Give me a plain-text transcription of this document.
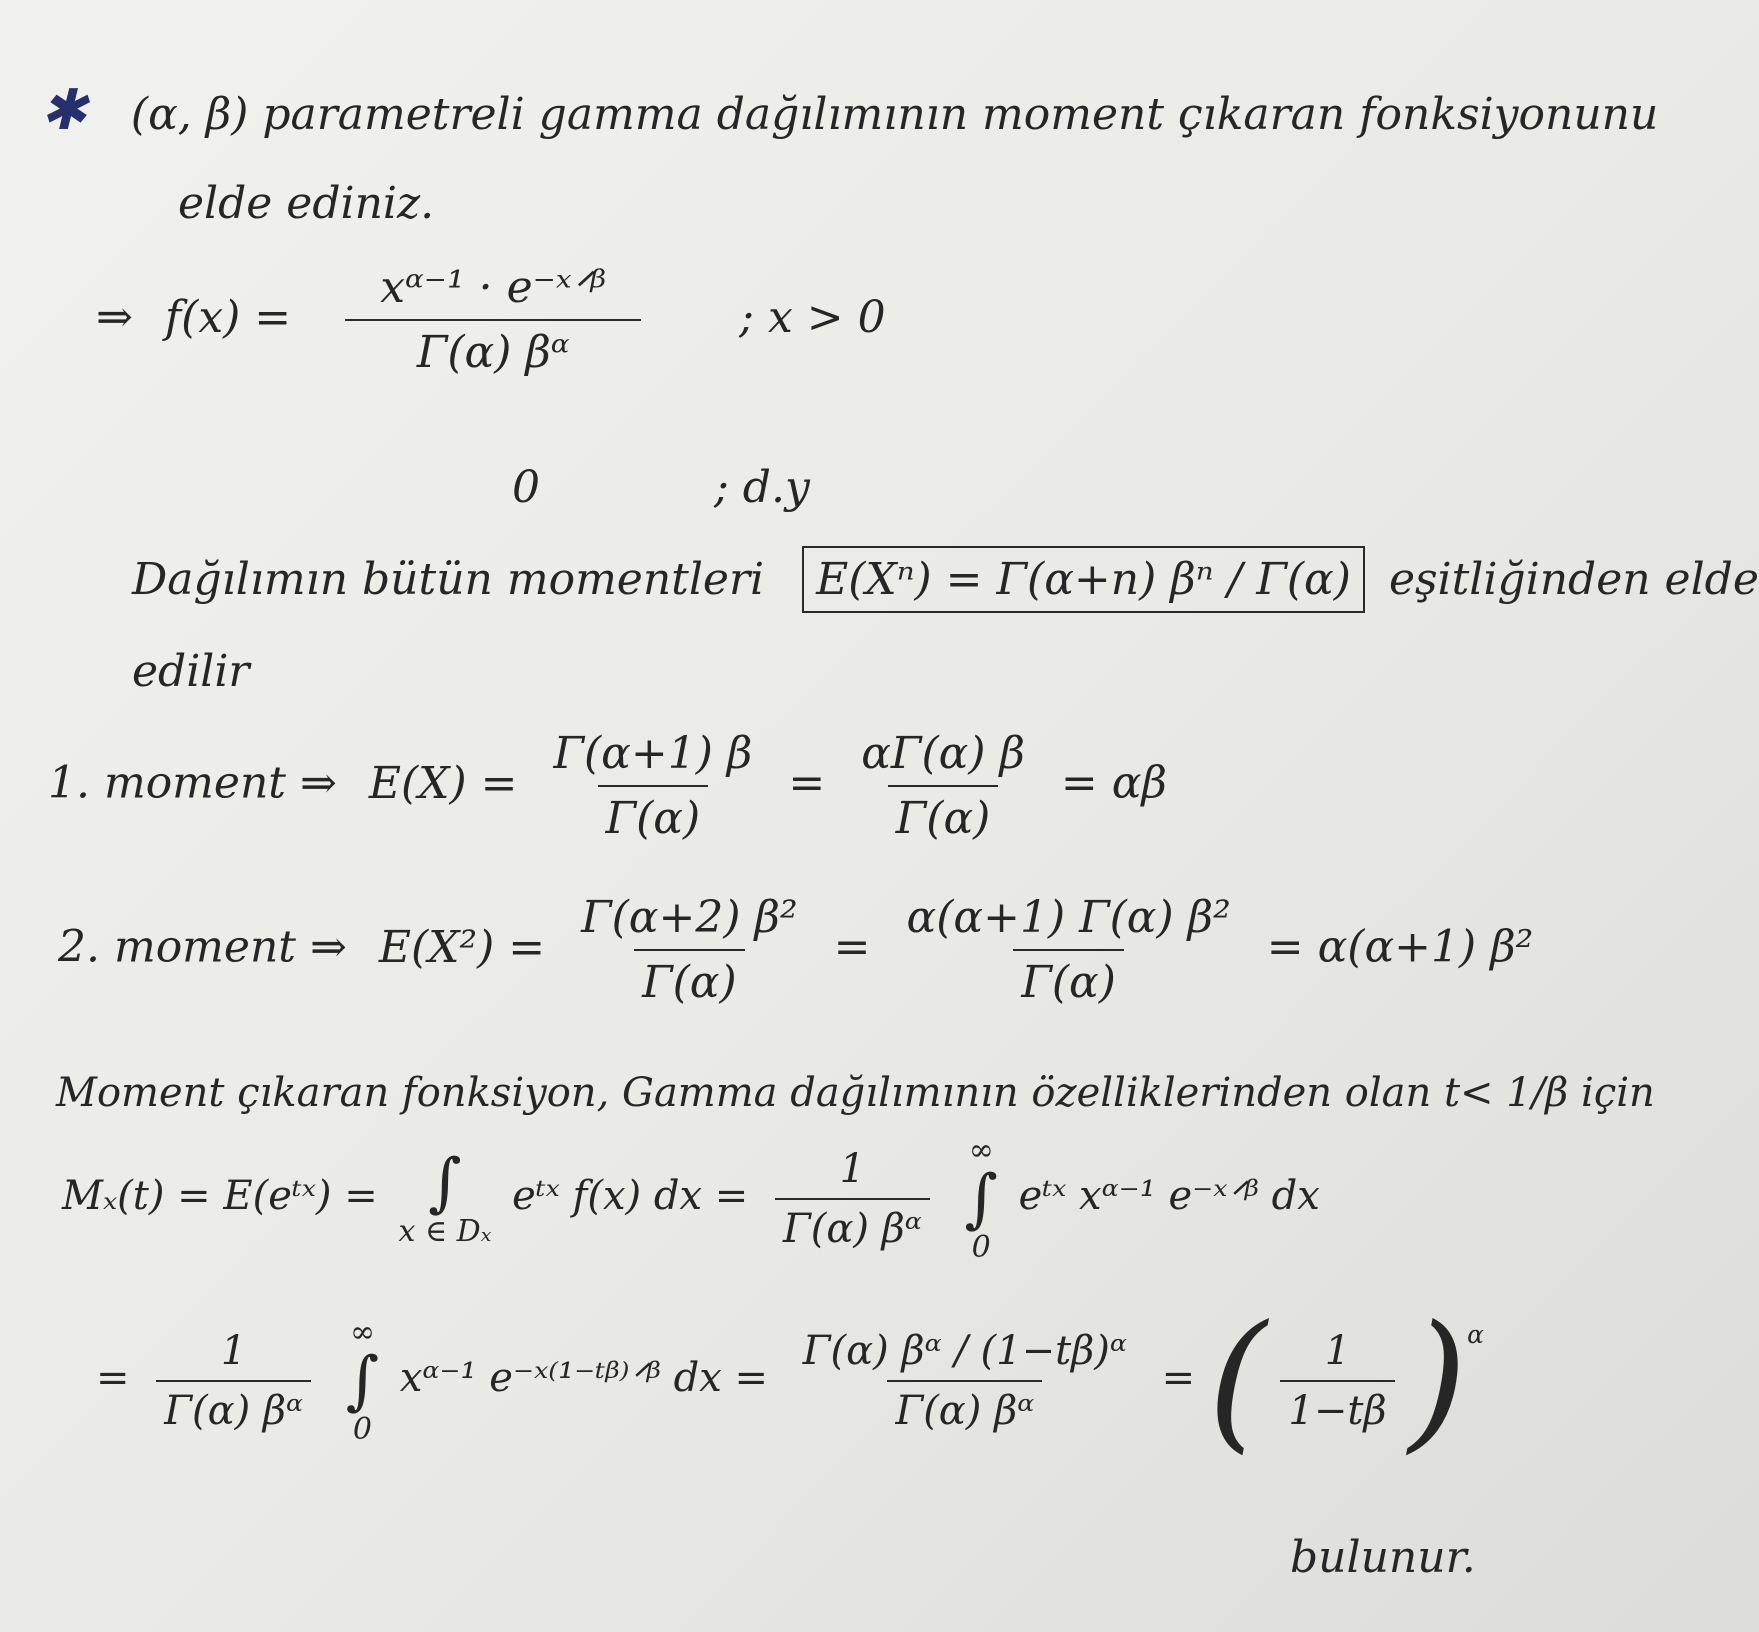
✱ (α, β) parametreli gamma dağılımının moment çıkaran fonksiyonunu
elde ediniz.
⇒ $f(x) = \frac{\text{xᵅ⁻¹ · e⁻ˣᐟᵝ}}{\text{Γ(α) βᵅ}}$ ; x > 0
0	; d.y
Dağılımın bütün momentleri E(Xⁿ) = Γ(α+n) βⁿ / Γ(α) eşitliğinden elde
edilir
1. moment ⇒ $E(X) = \frac{\Gamma(\alpha+1) \beta}{\Gamma(\alpha)} = \frac{\alpha\Gamma(\alpha) \beta}{\Gamma(\alpha)} = \alpha\beta$
2. moment ⇒ $E(X^2) = \frac{\text{Γ(α+2) β²}}{\Gamma(\alpha)} = \frac{\text{α(α+1) Γ(α) β²}}{\Gamma(\alpha)} = \alpha(\alpha+1)$ β²
Moment çıkaran fonksiyon, Gamma dağılımının özelliklerinden olan t< 1/β için
Mₓ(t) = E(eᵗˣ) = ∫
x ∈ Dₓ
eᵗˣ f(x) dx = $\frac{1}{\text{Γ(α) βᵅ}}$
∞
∫
0
eᵗˣ xᵅ⁻¹ e⁻ˣᐟᵝ dx
= $\frac{1}{\text{Γ(α) βᵅ}}$
∞
∫
0
xᵅ⁻¹ e⁻ˣ⁽¹⁻ᵗᵝ⁾ᐟᵝ dx = $\frac{\text{Γ(α) βᵅ / (1−tβ)ᵅ}}{\text{Γ(α) βᵅ}}$ = ( $\frac{1}{1-t\beta} )^\alpha$
bulunur.
